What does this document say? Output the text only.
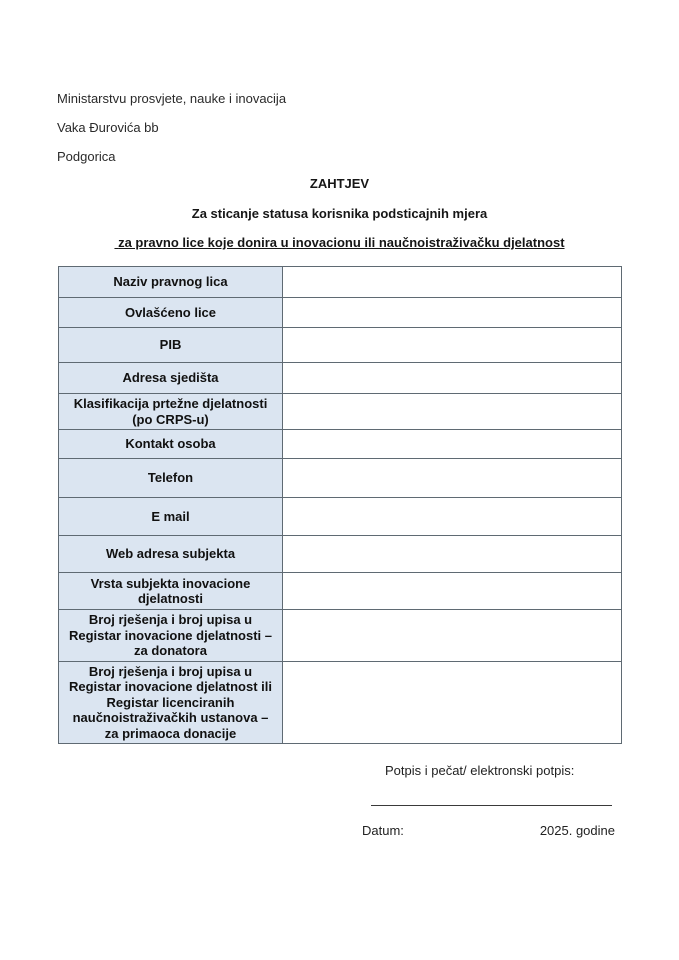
Ministarstvu prosvjete, nauke i inovacija
Vaka Đurovića bb
Podgorica
ZAHTJEV
Za sticanje statusa korisnika podsticajnih mjera
za pravno lice koje donira u inovacionu ili naučnoistraživačku djelatnost
Naziv pravnog lica	
Ovlašćeno lice	
PIB	
Adresa sjedišta	
Klasifikacija prtežne djelatnosti (po CRPS-u)	
Kontakt osoba	
Telefon	
E mail	
Web adresa subjekta	
Vrsta subjekta inovacione djelatnosti	
Broj rješenja i broj upisa u Registar inovacione djelatnosti – za donatora	
Broj rješenja i broj upisa u Registar inovacione djelatnost ili Registar licenciranih naučnoistraživačkih ustanova – za primaoca donacije	
Potpis i pečat/ elektronski potpis:
Datum:	2025. godine
